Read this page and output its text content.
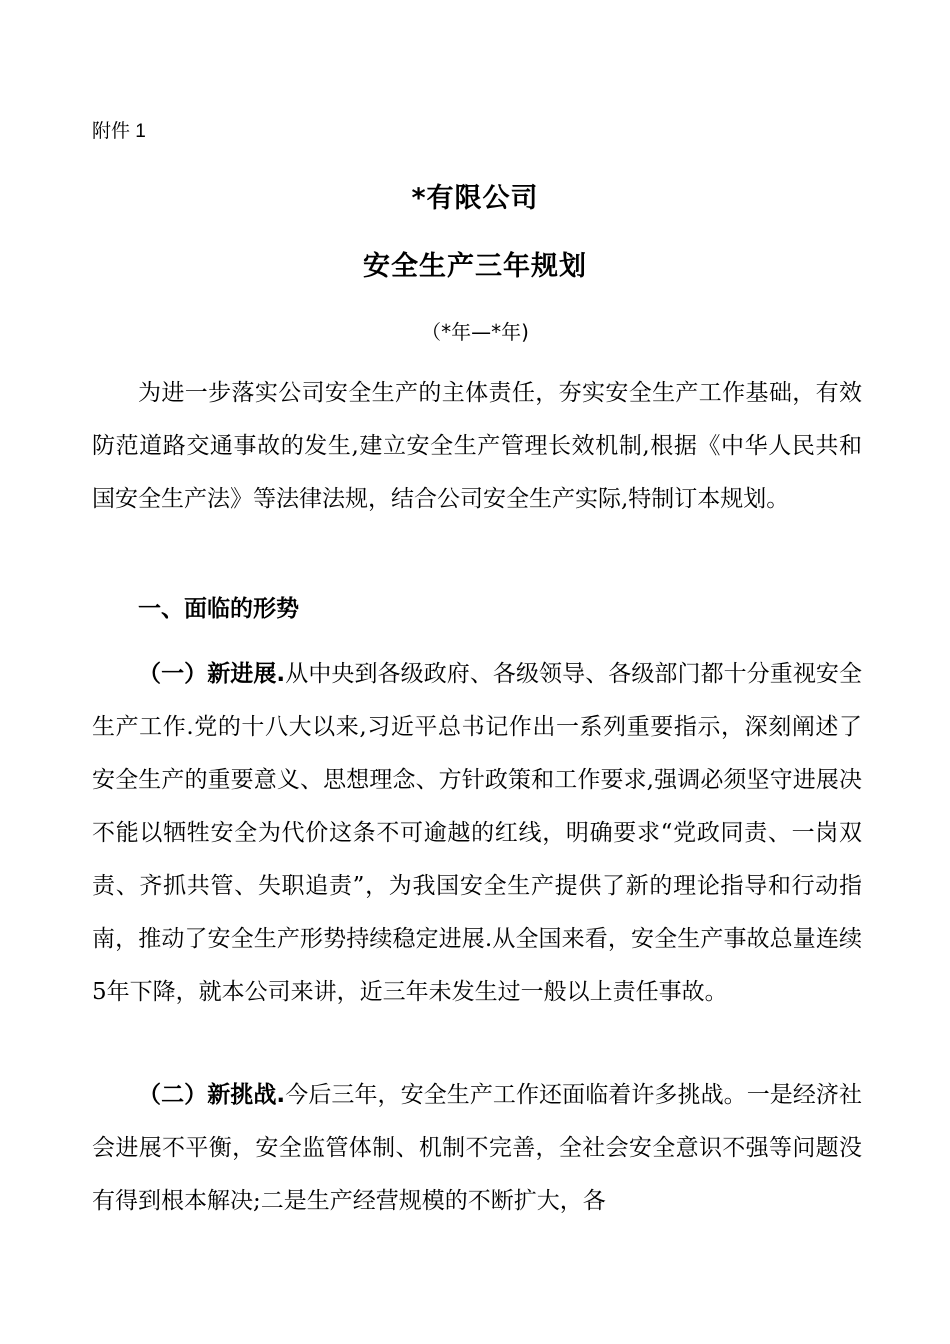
附件 1
*有限公司
安全生产三年规划
（*年—*年)

为进一步落实公司安全生产的主体责任，夯实安全生产工作基础，有效防范道路交通事故的发生,建立安全生产管理长效机制,根据《中华人民共和国安全生产法》等法律法规，结合公司安全生产实际,特制订本规划。

一、面临的形势

（一）新进展.从中央到各级政府、各级领导、各级部门都十分重视安全生产工作.党的十八大以来,习近平总书记作出一系列重要指示，深刻阐述了安全生产的重要意义、思想理念、方针政策和工作要求,强调必须坚守进展决不能以牺牲安全为代价这条不可逾越的红线，明确要求“党政同责、一岗双责、齐抓共管、失职追责”，为我国安全生产提供了新的理论指导和行动指南，推动了安全生产形势持续稳定进展.从全国来看，安全生产事故总量连续5年下降，就本公司来讲，近三年未发生过一般以上责任事故。

（二）新挑战.今后三年，安全生产工作还面临着许多挑战。一是经济社会进展不平衡，安全监管体制、机制不完善，全社会安全意识不强等问题没有得到根本解决;二是生产经营规模的不断扩大，各
